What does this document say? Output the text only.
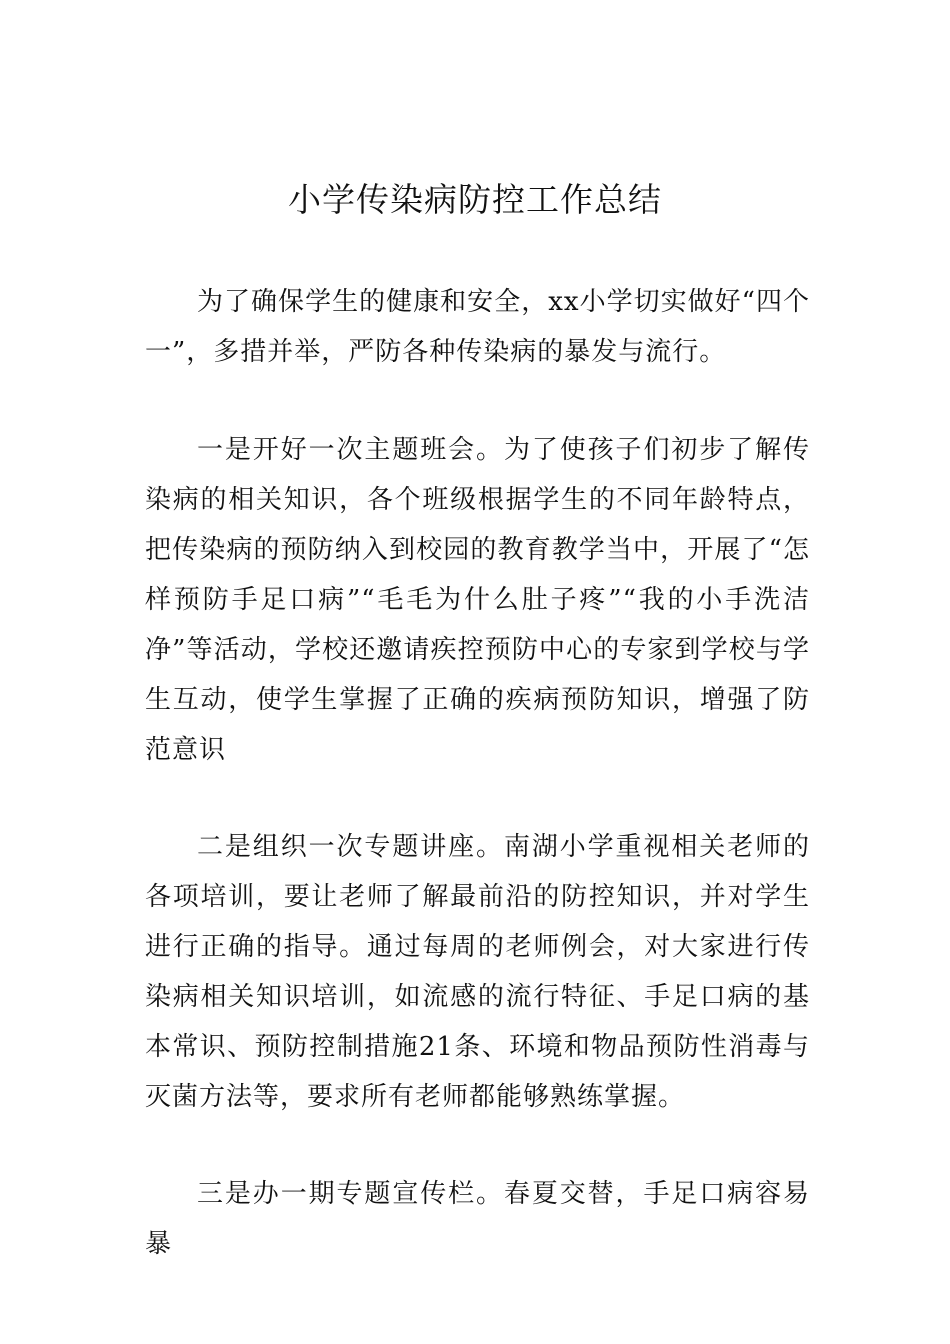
小学传染病防控工作总结

为了确保学生的健康和安全，xx小学切实做好“四个一”，多措并举，严防各种传染病的暴发与流行。

一是开好一次主题班会。为了使孩子们初步了解传染病的相关知识，各个班级根据学生的不同年龄特点，把传染病的预防纳入到校园的教育教学当中，开展了“怎样预防手足口病”“毛毛为什么肚子疼”“我的小手洗洁净”等活动，学校还邀请疾控预防中心的专家到学校与学生互动，使学生掌握了正确的疾病预防知识，增强了防范意识

二是组织一次专题讲座。南湖小学重视相关老师的各项培训，要让老师了解最前沿的防控知识，并对学生进行正确的指导。通过每周的老师例会，对大家进行传染病相关知识培训，如流感的流行特征、手足口病的基本常识、预防控制措施21条、环境和物品预防性消毒与灭菌方法等，要求所有老师都能够熟练掌握。

三是办一期专题宣传栏。春夏交替，手足口病容易暴
